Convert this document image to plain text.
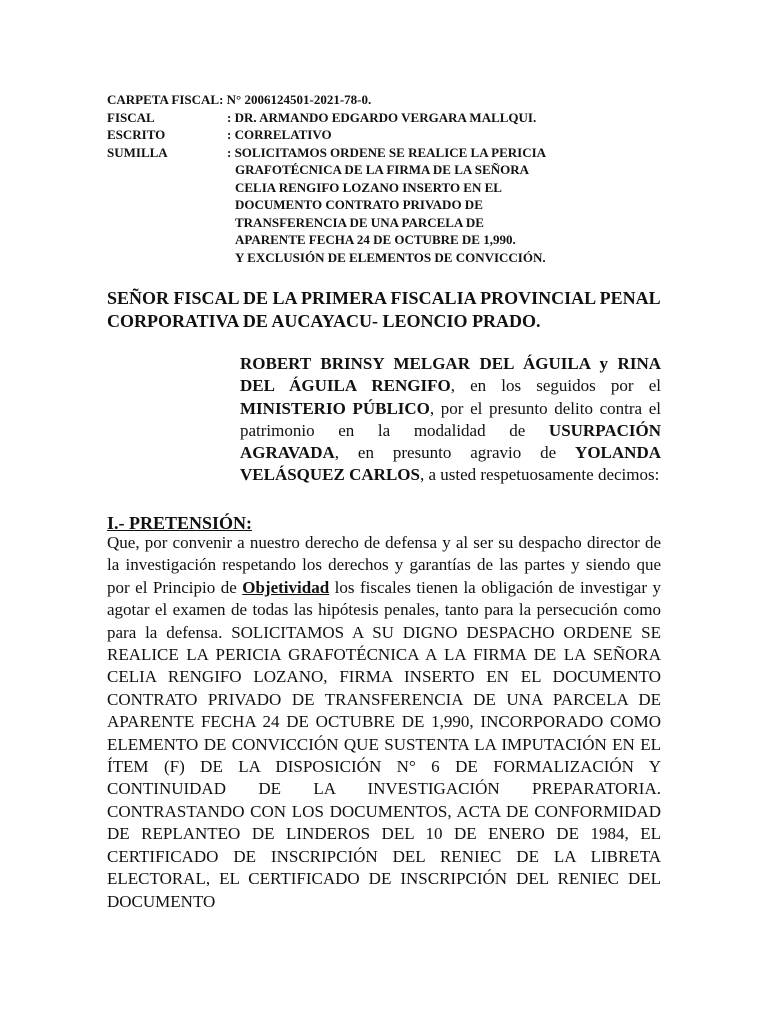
CARPETA FISCAL:
N° 2006124501-2021-78-0.
FISCAL	: DR. ARMANDO EDGARDO VERGARA MALLQUI.
ESCRITO	: CORRELATIVO
SUMILLA	: SOLICITAMOS ORDENE SE REALICE LA PERICIA
GRAFOTÉCNICA DE LA FIRMA DE LA SEÑORA
CELIA RENGIFO LOZANO INSERTO EN EL
DOCUMENTO CONTRATO PRIVADO DE
TRANSFERENCIA DE UNA PARCELA DE
APARENTE FECHA 24 DE OCTUBRE DE 1,990.
Y EXCLUSIÓN DE ELEMENTOS DE CONVICCIÓN.
SEÑOR FISCAL DE LA PRIMERA FISCALIA PROVINCIAL PENAL
CORPORATIVA DE AUCAYACU- LEONCIO PRADO.
ROBERT BRINSY MELGAR DEL ÁGUILA y RINA DEL ÁGUILA RENGIFO, en los seguidos por el MINISTERIO PÚBLICO, por el presunto delito contra el patrimonio en la modalidad de USURPACIÓN AGRAVADA, en presunto agravio de YOLANDA VELÁSQUEZ CARLOS, a usted respetuosamente decimos:
I.- PRETENSIÓN:
Que, por convenir a nuestro derecho de defensa y al ser su despacho director de la investigación respetando los derechos y garantías de las partes y siendo que por el Principio de Objetividad los fiscales tienen la obligación de investigar y agotar el examen de todas las hipótesis penales, tanto para la persecución como para la defensa. SOLICITAMOS A SU DIGNO DESPACHO ORDENE SE REALICE LA PERICIA GRAFOTÉCNICA A LA FIRMA DE LA SEÑORA CELIA RENGIFO LOZANO, FIRMA INSERTO EN EL DOCUMENTO CONTRATO PRIVADO DE TRANSFERENCIA DE UNA PARCELA DE APARENTE FECHA 24 DE OCTUBRE DE 1,990, INCORPORADO COMO ELEMENTO DE CONVICCIÓN QUE SUSTENTA LA IMPUTACIÓN EN EL ÍTEM (F) DE LA DISPOSICIÓN N° 6 DE FORMALIZACIÓN Y CONTINUIDAD DE LA INVESTIGACIÓN PREPARATORIA. CONTRASTANDO CON LOS DOCUMENTOS, ACTA DE CONFORMIDAD DE REPLANTEO DE LINDEROS DEL 10 DE ENERO DE 1984, EL CERTIFICADO DE INSCRIPCIÓN DEL RENIEC DE LA LIBRETA ELECTORAL, EL CERTIFICADO DE INSCRIPCIÓN DEL RENIEC DEL DOCUMENTO
